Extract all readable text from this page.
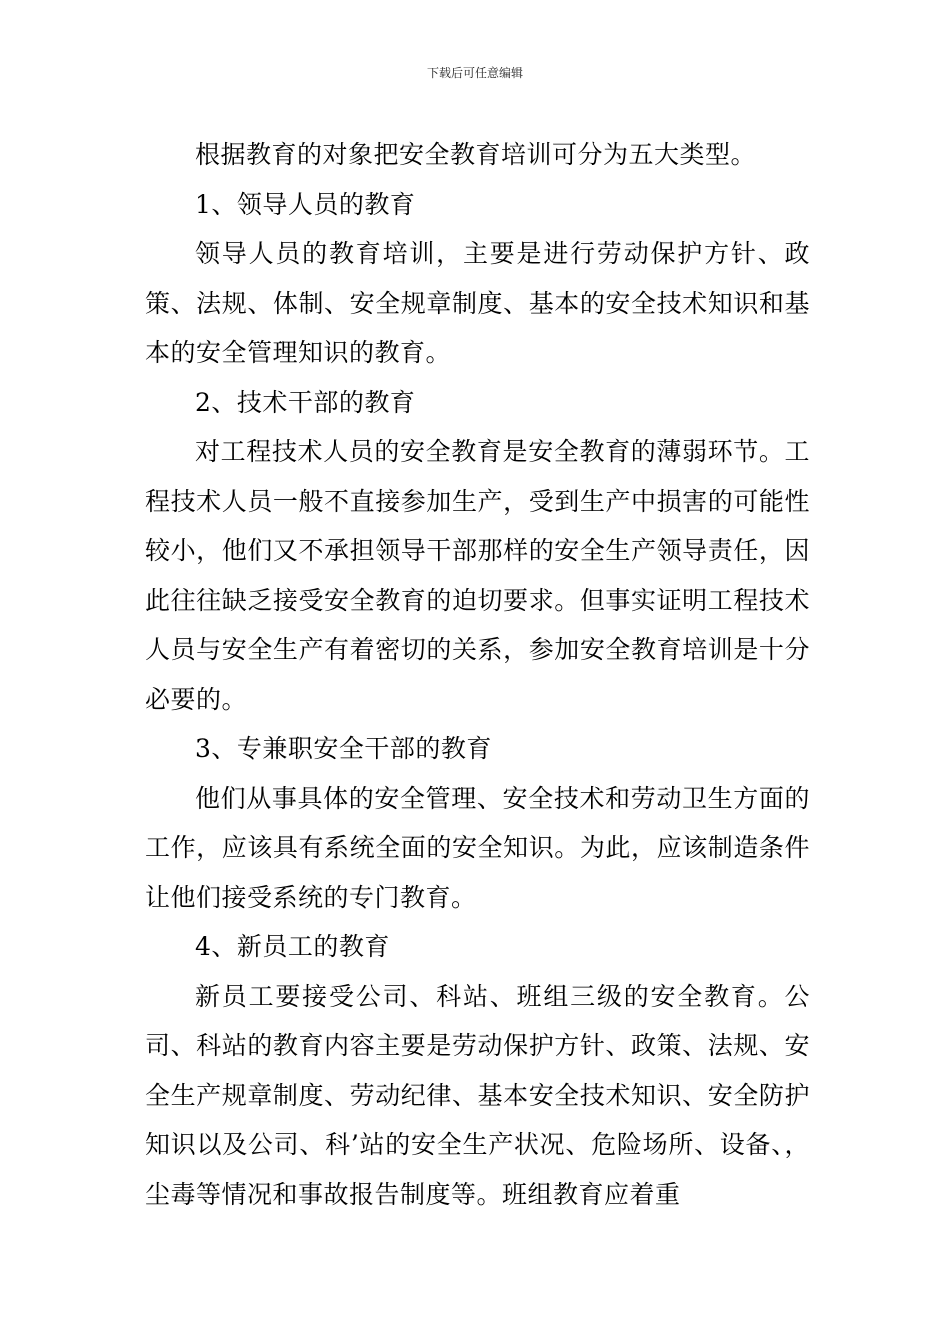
下载后可任意编辑

根据教育的对象把安全教育培训可分为五大类型。

1、领导人员的教育

领导人员的教育培训，主要是进行劳动保护方针、政策、法规、体制、安全规章制度、基本的安全技术知识和基本的安全管理知识的教育。

2、技术干部的教育

对工程技术人员的安全教育是安全教育的薄弱环节。工程技术人员一般不直接参加生产，受到生产中损害的可能性较小，他们又不承担领导干部那样的安全生产领导责任，因此往往缺乏接受安全教育的迫切要求。但事实证明工程技术人员与安全生产有着密切的关系，参加安全教育培训是十分必要的。

3、专兼职安全干部的教育

他们从事具体的安全管理、安全技术和劳动卫生方面的工作，应该具有系统全面的安全知识。为此，应该制造条件让他们接受系统的专门教育。

4、新员工的教育

新员工要接受公司、科站、班组三级的安全教育。公司、科站的教育内容主要是劳动保护方针、政策、法规、安全生产规章制度、劳动纪律、基本安全技术知识、安全防护知识以及公司、科’站的安全生产状况、危险场所、设备、，尘毒等情况和事故报告制度等。班组教育应着重
